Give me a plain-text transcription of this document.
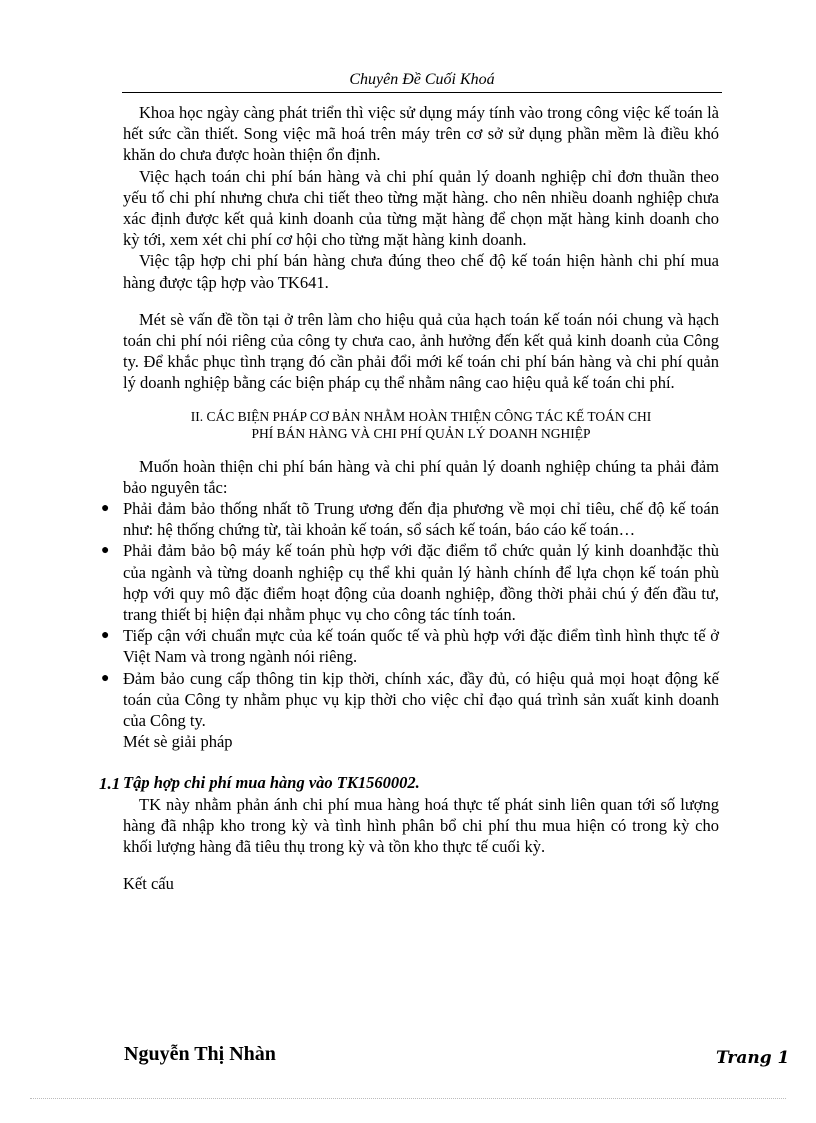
Chuyên Đề Cuối Khoá

Khoa học ngày càng phát triển thì việc sử dụng máy tính vào trong công việc kế toán là hết sức cần thiết. Song việc mã hoá trên máy trên cơ sở sử dụng phần mềm là điều khó khăn do chưa được hoàn thiện ổn định.

Việc hạch toán chi phí bán hàng và chi phí quản lý doanh nghiệp chỉ đơn thuần theo yếu tố chi phí nhưng chưa chi tiết theo từng mặt hàng. cho nên nhiều doanh nghiệp chưa xác định được kết quả kinh doanh của từng mặt hàng để chọn mặt hàng kinh doanh cho kỳ tới, xem xét chi phí cơ hội cho từng mặt hàng kinh doanh.

Việc tập hợp chi phí bán hàng chưa đúng theo chế độ kế toán hiện hành chi phí mua hàng được tập hợp vào TK641.

Mét sè vấn đề tồn tại ở trên làm cho hiệu quả của hạch toán kế toán nói chung và hạch toán chi phí nói riêng của công ty chưa cao, ảnh hưởng đến kết quả kinh doanh của Công ty. Để khắc phục tình trạng đó cần phải đổi mới kế toán chi phí bán hàng và chi phí quản lý doanh nghiệp bằng các biện pháp cụ thể nhằm nâng cao hiệu quả kế toán chi phí.

II. CÁC BIỆN PHÁP CƠ BẢN NHẰM HOÀN THIỆN CÔNG TÁC KẾ TOÁN CHI
PHÍ BÁN HÀNG VÀ CHI PHÍ QUẢN LÝ DOANH NGHIỆP

Muốn hoàn thiện chi phí bán hàng và chi phí quản lý doanh nghiệp chúng ta phải đảm bảo nguyên tắc:

● Phải đảm bảo thống nhất tõ Trung ương đến địa phương về mọi chỉ tiêu, chế độ kế toán như: hệ thống chứng từ, tài khoản kế toán, sổ sách kế toán, báo cáo kế toán…
● Phải đảm bảo bộ máy kế toán phù hợp với đặc điểm tổ chức quản lý kinh doanhđặc thù của ngành và từng doanh nghiệp cụ thể khi quản lý hành chính để lựa chọn kế toán phù hợp với quy mô đặc điểm hoạt động của doanh nghiệp, đồng thời phải chú ý đến đầu tư, trang thiết bị hiện đại nhằm phục vụ cho công tác tính toán.
● Tiếp cận với chuẩn mực của kế toán quốc tế và phù hợp với đặc điểm tình hình thực tế ở Việt Nam và trong ngành nói riêng.
● Đảm bảo cung cấp thông tin kịp thời, chính xác, đầy đủ, có hiệu quả mọi hoạt động kế toán của Công ty nhằm phục vụ kịp thời cho việc chỉ đạo quá trình sản xuất kinh doanh của Công ty.

Mét sè giải pháp

1.1 Tập hợp chi phí mua hàng vào TK1560002.

TK này nhằm phản ánh chi phí mua hàng hoá thực tế phát sinh liên quan tới số lượng hàng đã nhập kho trong kỳ và tình hình phân bổ chi phí thu mua hiện có trong kỳ cho khối lượng hàng đã tiêu thụ trong kỳ và tồn kho thực tế cuối kỳ.

Kết cấu

Nguyễn Thị Nhàn	Trang 1
